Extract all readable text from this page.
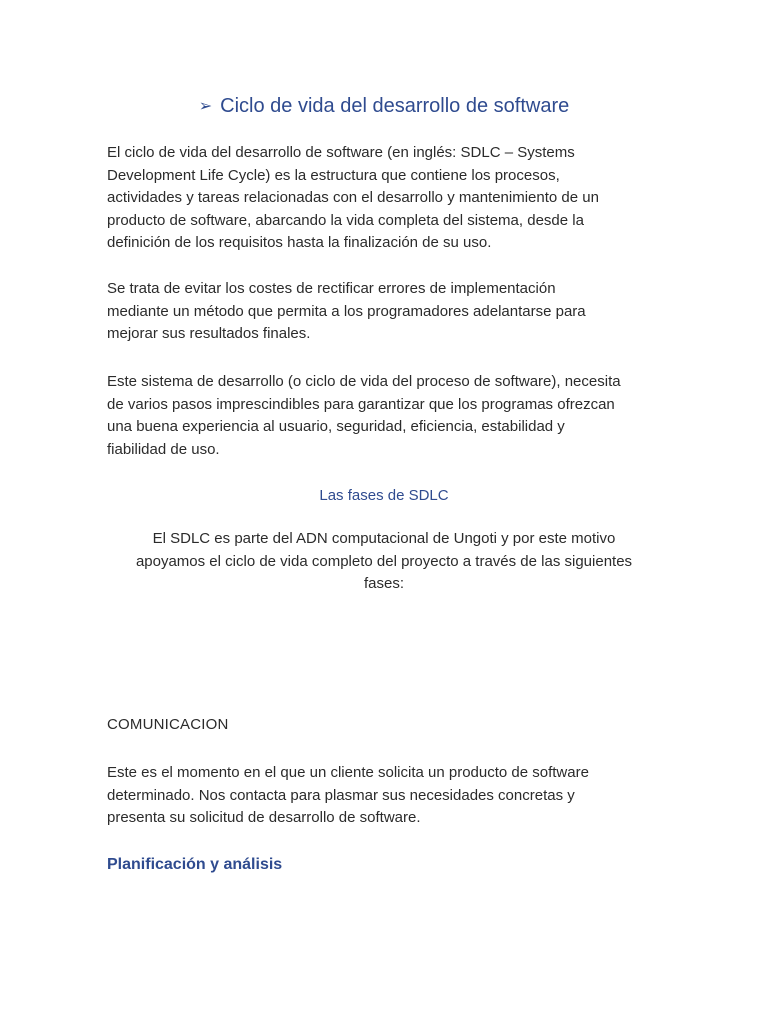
➢ Ciclo de vida del desarrollo de software

El ciclo de vida del desarrollo de software (en inglés: SDLC – Systems
Development Life Cycle) es la estructura que contiene los procesos,
actividades y tareas relacionadas con el desarrollo y mantenimiento de un
producto de software, abarcando la vida completa del sistema, desde la
definición de los requisitos hasta la finalización de su uso.

Se trata de evitar los costes de rectificar errores de implementación
mediante un método que permita a los programadores adelantarse para
mejorar sus resultados finales.

Este sistema de desarrollo (o ciclo de vida del proceso de software), necesita
de varios pasos imprescindibles para garantizar que los programas ofrezcan
una buena experiencia al usuario, seguridad, eficiencia, estabilidad y
fiabilidad de uso.

Las fases de SDLC
El SDLC es parte del ADN computacional de Ungoti y por este motivo
apoyamos el ciclo de vida completo del proyecto a través de las siguientes
fases:
COMUNICACION

Este es el momento en el que un cliente solicita un producto de software
determinado. Nos contacta para plasmar sus necesidades concretas y
presenta su solicitud de desarrollo de software.

Planificación y análisis
